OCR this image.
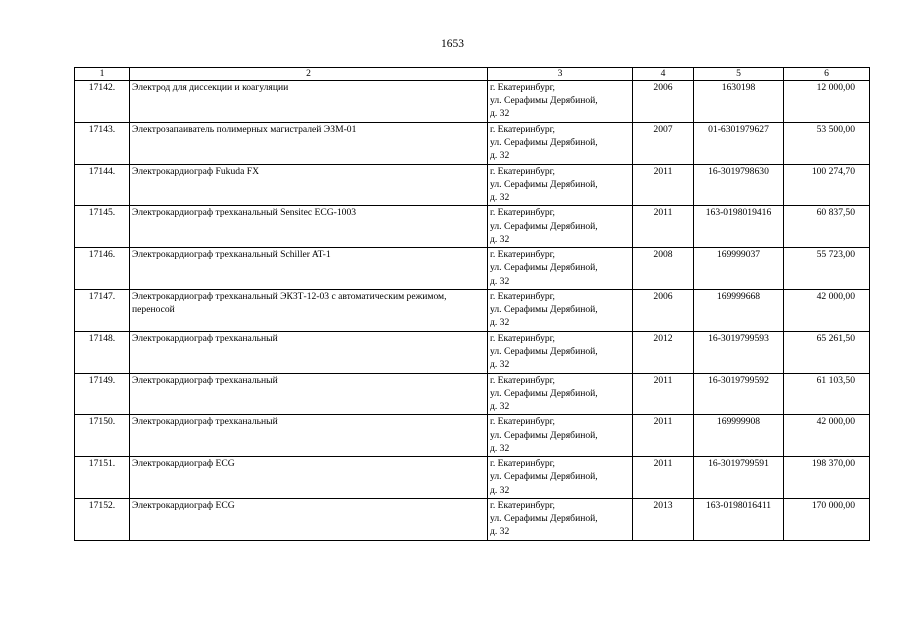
1653
1	2	3	4	5	6
17142.	Электрод для диссекции и коагуляции	г. Екатеринбург,
ул. Серафимы Дерябиной,
д. 32	2006	1630198	12 000,00
17143.	Электрозапаиватель полимерных магистралей ЭЗМ-01	г. Екатеринбург,
ул. Серафимы Дерябиной,
д. 32	2007	01-6301979627	53 500,00
17144.	Электрокардиограф Fukuda FX	г. Екатеринбург,
ул. Серафимы Дерябиной,
д. 32	2011	16-3019798630	100 274,70
17145.	Электрокардиограф трехканальный Sensitec ECG-1003	г. Екатеринбург,
ул. Серафимы Дерябиной,
д. 32	2011	163-0198019416	60 837,50
17146.	Электрокардиограф трехканальный Schiller AT-1	г. Екатеринбург,
ул. Серафимы Дерябиной,
д. 32	2008	169999037	55 723,00
17147.	Электрокардиограф трехканальный ЭК3Т-12-03 с автоматическим режимом, переносой	г. Екатеринбург,
ул. Серафимы Дерябиной,
д. 32	2006	169999668	42 000,00
17148.	Электрокардиограф трехканальный	г. Екатеринбург,
ул. Серафимы Дерябиной,
д. 32	2012	16-3019799593	65 261,50
17149.	Электрокардиограф трехканальный	г. Екатеринбург,
ул. Серафимы Дерябиной,
д. 32	2011	16-3019799592	61 103,50
17150.	Электрокардиограф трехканальный	г. Екатеринбург,
ул. Серафимы Дерябиной,
д. 32	2011	169999908	42 000,00
17151.	Электрокардиограф ECG	г. Екатеринбург,
ул. Серафимы Дерябиной,
д. 32	2011	16-3019799591	198 370,00
17152.	Электрокардиограф ECG	г. Екатеринбург,
ул. Серафимы Дерябиной,
д. 32	2013	163-0198016411	170 000,00
